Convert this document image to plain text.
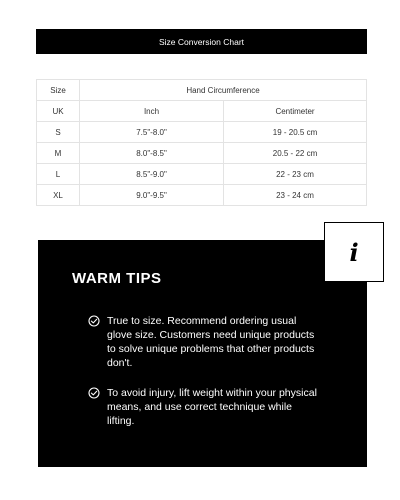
Size Conversion Chart
Size	Hand Circumference	
UK	Inch	Centimeter
S	7.5"-8.0"	19 - 20.5 cm
M	8.0"-8.5"	20.5 - 22 cm
L	8.5"-9.0"	22 - 23 cm
XL	9.0"-9.5"	23 - 24 cm
WARM TIPS
True to size. Recommend ordering usual glove size. Customers need unique products to solve unique problems that other products don't.
To avoid injury, lift weight within your physical means, and use correct technique while lifting.
i
